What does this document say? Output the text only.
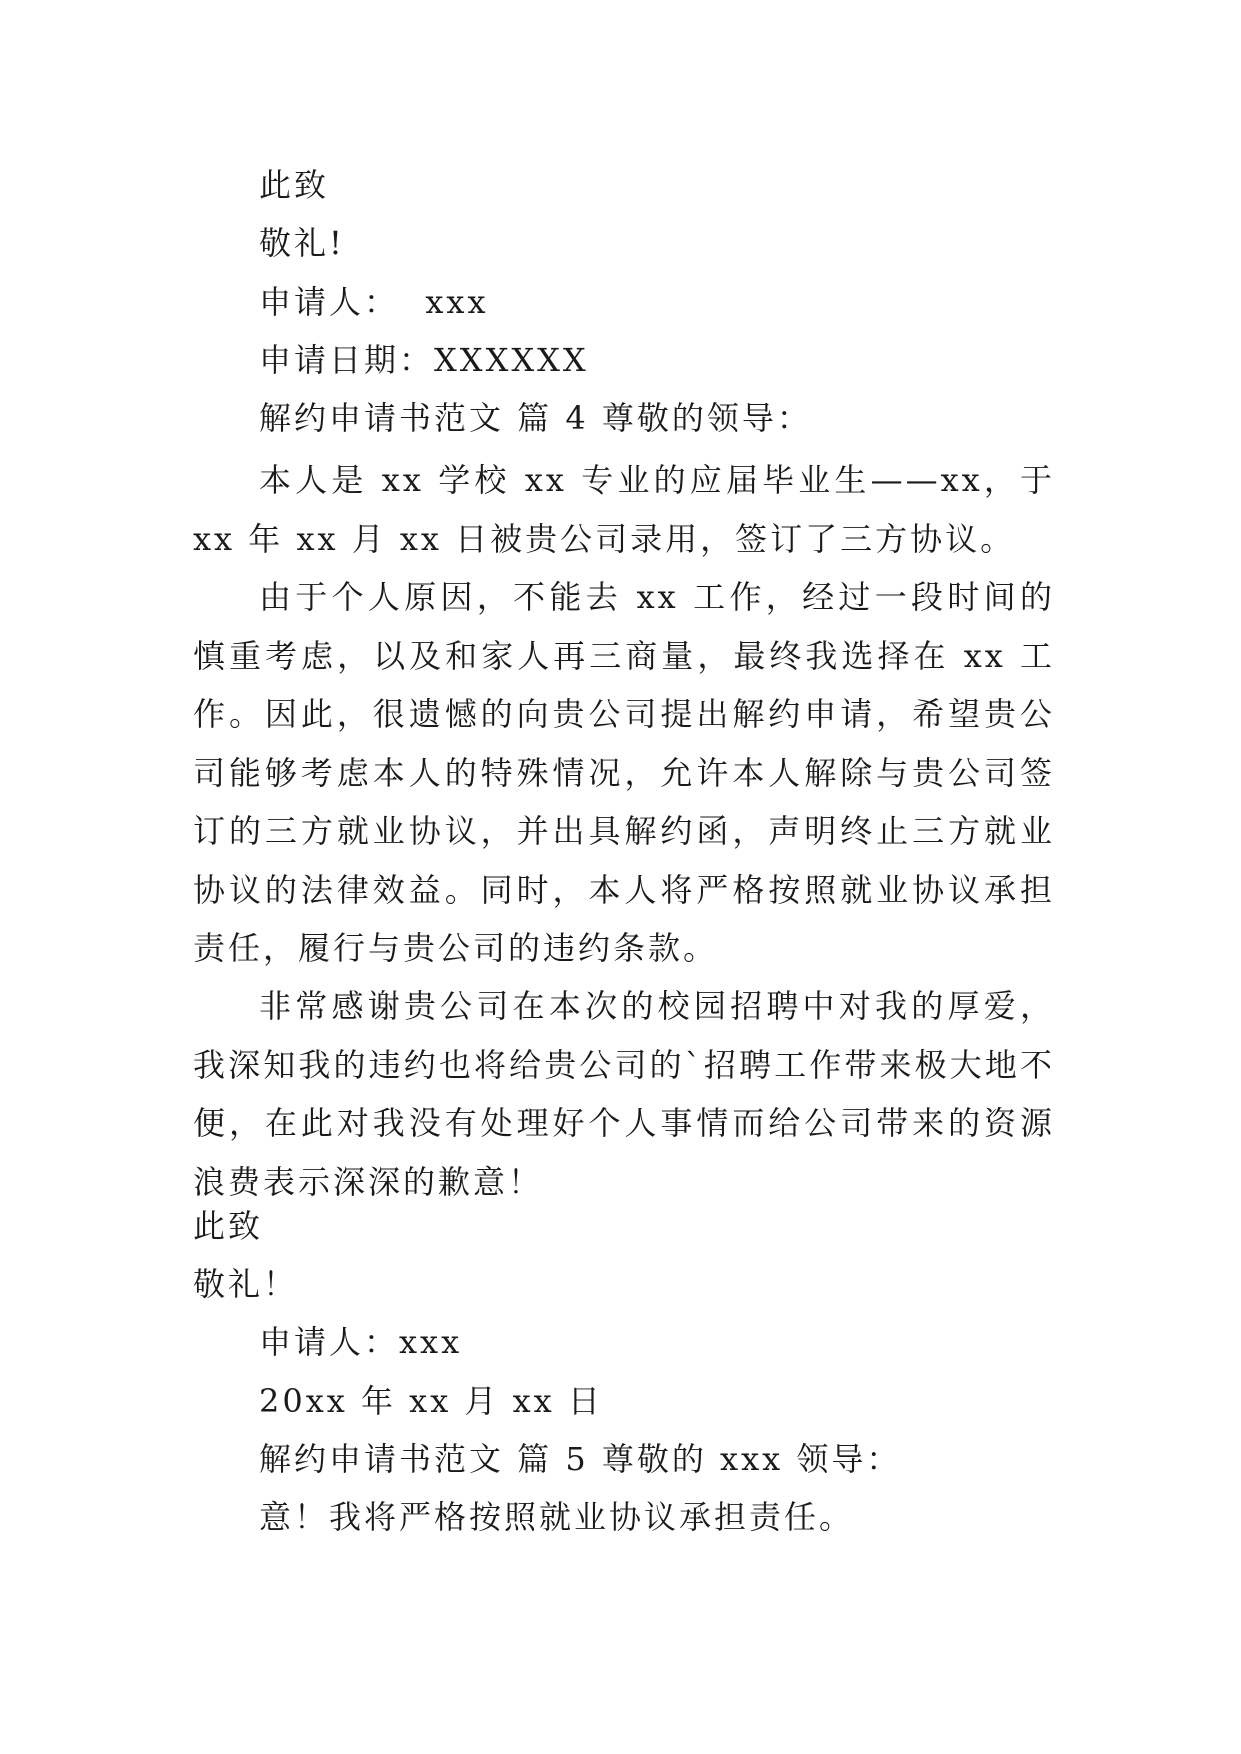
此致
敬礼!
申请人：  xxx
申请日期：XXXXXX
解约申请书范文 篇 4 尊敬的领导：
本人是 xx 学校 xx 专业的应届毕业生——xx，于 xx 年 xx 月 xx 日被贵公司录用，签订了三方协议。
由于个人原因，不能去 xx 工作，经过一段时间的慎重考虑，以及和家人再三商量，最终我选择在 xx 工作。因此，很遗憾的向贵公司提出解约申请，希望贵公司能够考虑本人的特殊情况，允许本人解除与贵公司签订的三方就业协议，并出具解约函，声明终止三方就业协议的法律效益。同时，本人将严格按照就业协议承担责任，履行与贵公司的违约条款。
非常感谢贵公司在本次的校园招聘中对我的厚爱，我深知我的违约也将给贵公司的`招聘工作带来极大地不便，在此对我没有处理好个人事情而给公司带来的资源浪费表示深深的歉意！
此致
敬礼！
申请人：xxx
20xx 年 xx 月 xx 日
解约申请书范文 篇 5 尊敬的 xxx 领导：
意！我将严格按照就业协议承担责任。
